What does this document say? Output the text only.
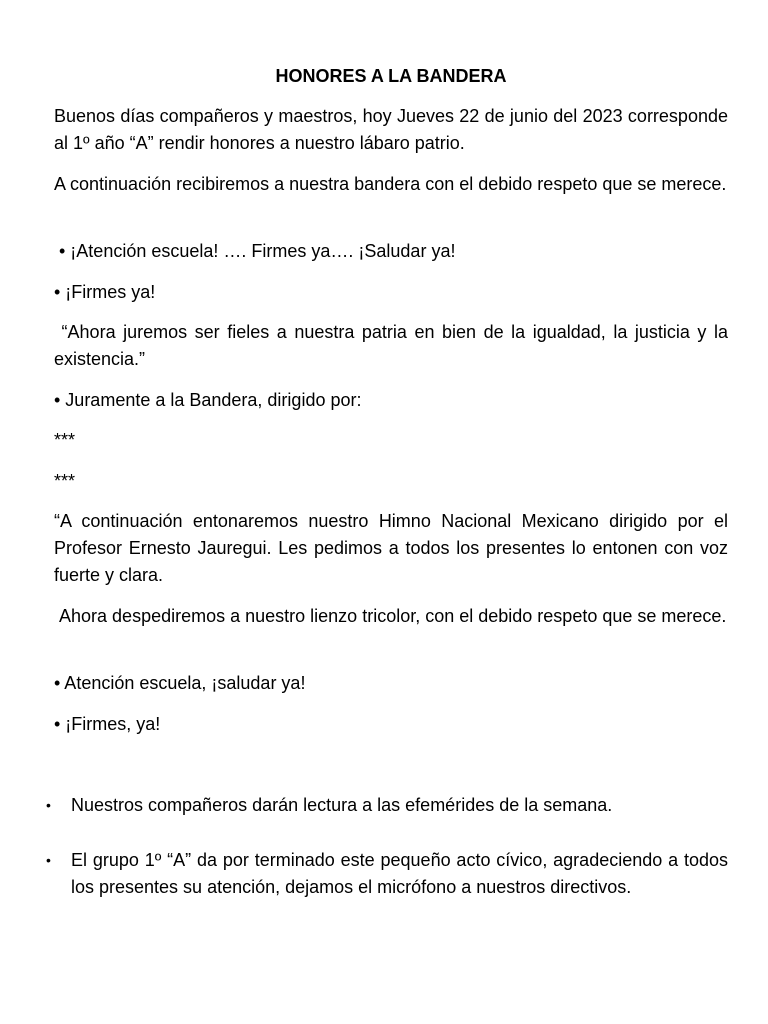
HONORES A LA BANDERA

Buenos días compañeros y maestros, hoy Jueves 22 de junio del 2023 corresponde al 1º año “A” rendir honores a nuestro lábaro patrio.

A continuación recibiremos a nuestra bandera con el debido respeto que se merece.

• ¡Atención escuela! …. Firmes ya…. ¡Saludar ya!

• ¡Firmes ya!

“Ahora juremos ser fieles a nuestra patria en bien de la igualdad, la justicia y la existencia.”

• Juramente a la Bandera, dirigido por:

***

***

“A continuación entonaremos nuestro Himno Nacional Mexicano dirigido por el Profesor Ernesto Jauregui. Les pedimos a todos los presentes lo entonen con voz fuerte y clara.

Ahora despediremos a nuestro lienzo tricolor, con el debido respeto que se merece.

• Atención escuela, ¡saludar ya!

• ¡Firmes, ya!

• Nuestros compañeros darán lectura a las efemérides de la semana.
• El grupo 1º “A” da por terminado este pequeño acto cívico, agradeciendo a todos los presentes su atención, dejamos el micrófono a nuestros directivos.
